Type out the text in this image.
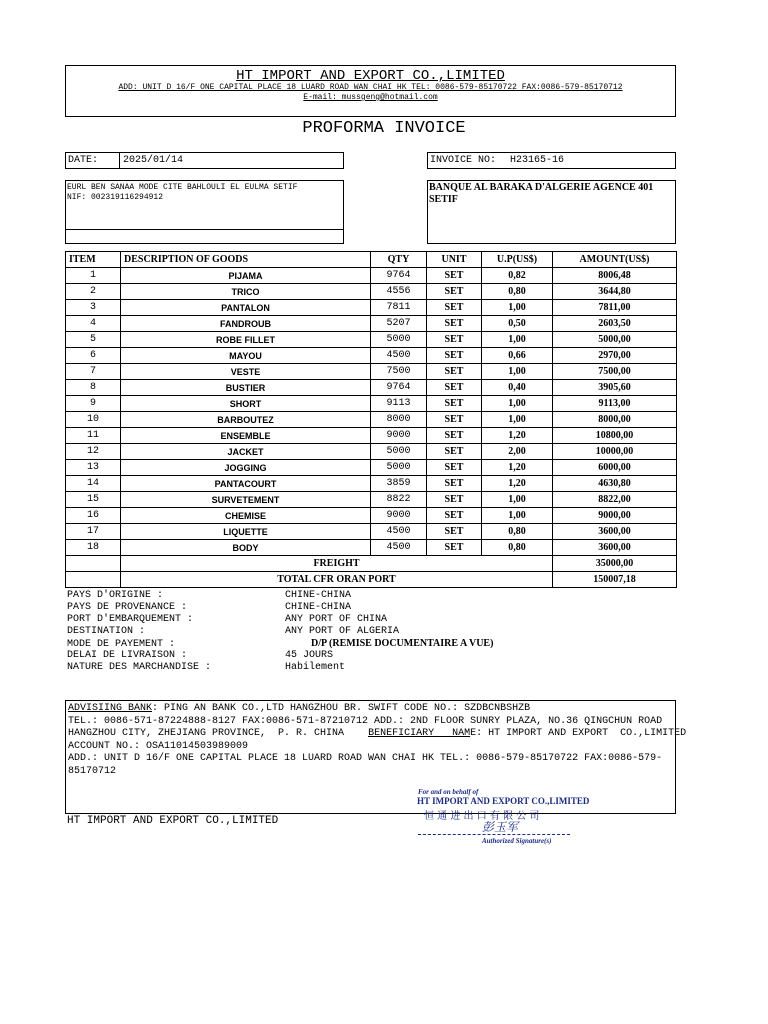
HT IMPORT AND EXPORT CO.,LIMITED
ADD: UNIT D 16/F ONE CAPITAL PLACE 18 LUARD ROAD WAN CHAI HK TEL: 0086-579-85170722 FAX:0086-579-85170712
E-mail: mussgeng@hotmail.com
PROFORMA INVOICE
DATE: 2025/01/14	INVOICE NO: H23165-16
EURL BEN SANAA MODE CITE BAHLOULI EL EULMA SETIF
NIF: 002319116294912
BANQUE AL BARAKA D'ALGERIE AGENCE 401 SETIF
ITEM	DESCRIPTION OF GOODS	QTY	UNIT	U.P(US$)	AMOUNT(US$)
1	PIJAMA	9764	SET	0,82	8006,48
2	TRICO	4556	SET	0,80	3644,80
3	PANTALON	7811	SET	1,00	7811,00
4	FANDROUB	5207	SET	0,50	2603,50
5	ROBE FILLET	5000	SET	1,00	5000,00
6	MAYOU	4500	SET	0,66	2970,00
7	VESTE	7500	SET	1,00	7500,00
8	BUSTIER	9764	SET	0,40	3905,60
9	SHORT	9113	SET	1,00	9113,00
10	BARBOUTEZ	8000	SET	1,00	8000,00
11	ENSEMBLE	9000	SET	1,20	10800,00
12	JACKET	5000	SET	2,00	10000,00
13	JOGGING	5000	SET	1,20	6000,00
14	PANTACOURT	3859	SET	1,20	4630,80
15	SURVETEMENT	8822	SET	1,00	8822,00
16	CHEMISE	9000	SET	1,00	9000,00
17	LIQUETTE	4500	SET	0,80	3600,00
18	BODY	4500	SET	0,80	3600,00
	FREIGHT				35000,00
	TOTAL CFR ORAN PORT				150007,18
PAYS D'ORIGINE :	CHINE-CHINA
PAYS DE PROVENANCE :	CHINE-CHINA
PORT D'EMBARQUEMENT :	ANY PORT OF CHINA
DESTINATION :	ANY PORT OF ALGERIA
MODE DE PAYEMENT :	D/P (REMISE DOCUMENTAIRE A VUE)
DELAI DE LIVRAISON :	45 JOURS
NATURE DES MARCHANDISE :	Habilement
ADVISIING BANK: PING AN BANK CO.,LTD HANGZHOU BR. SWIFT CODE NO.: SZDBCNBSHZB
TEL.: 0086-571-87224888-8127 FAX:0086-571-87210712 ADD.: 2ND FLOOR SUNRY PLAZA, NO.36 QINGCHUN ROAD
HANGZHOU CITY, ZHEJIANG PROVINCE,  P. R. CHINA    BENEFICIARY   NAME: HT IMPORT AND EXPORT  CO.,LIMITED
ACCOUNT NO.: OSA11014503989009
ADD.: UNIT D 16/F ONE CAPITAL PLACE 18 LUARD ROAD WAN CHAI HK TEL.: 0086-579-85170722 FAX:0086-579-
85170712
HT IMPORT AND EXPORT CO.,LIMITED
For and on behalf of
HT IMPORT AND EXPORT CO.,LIMITED
恒 通 进 出 口 有 限 公 司
彭玉军
Authorized Signature(s)
